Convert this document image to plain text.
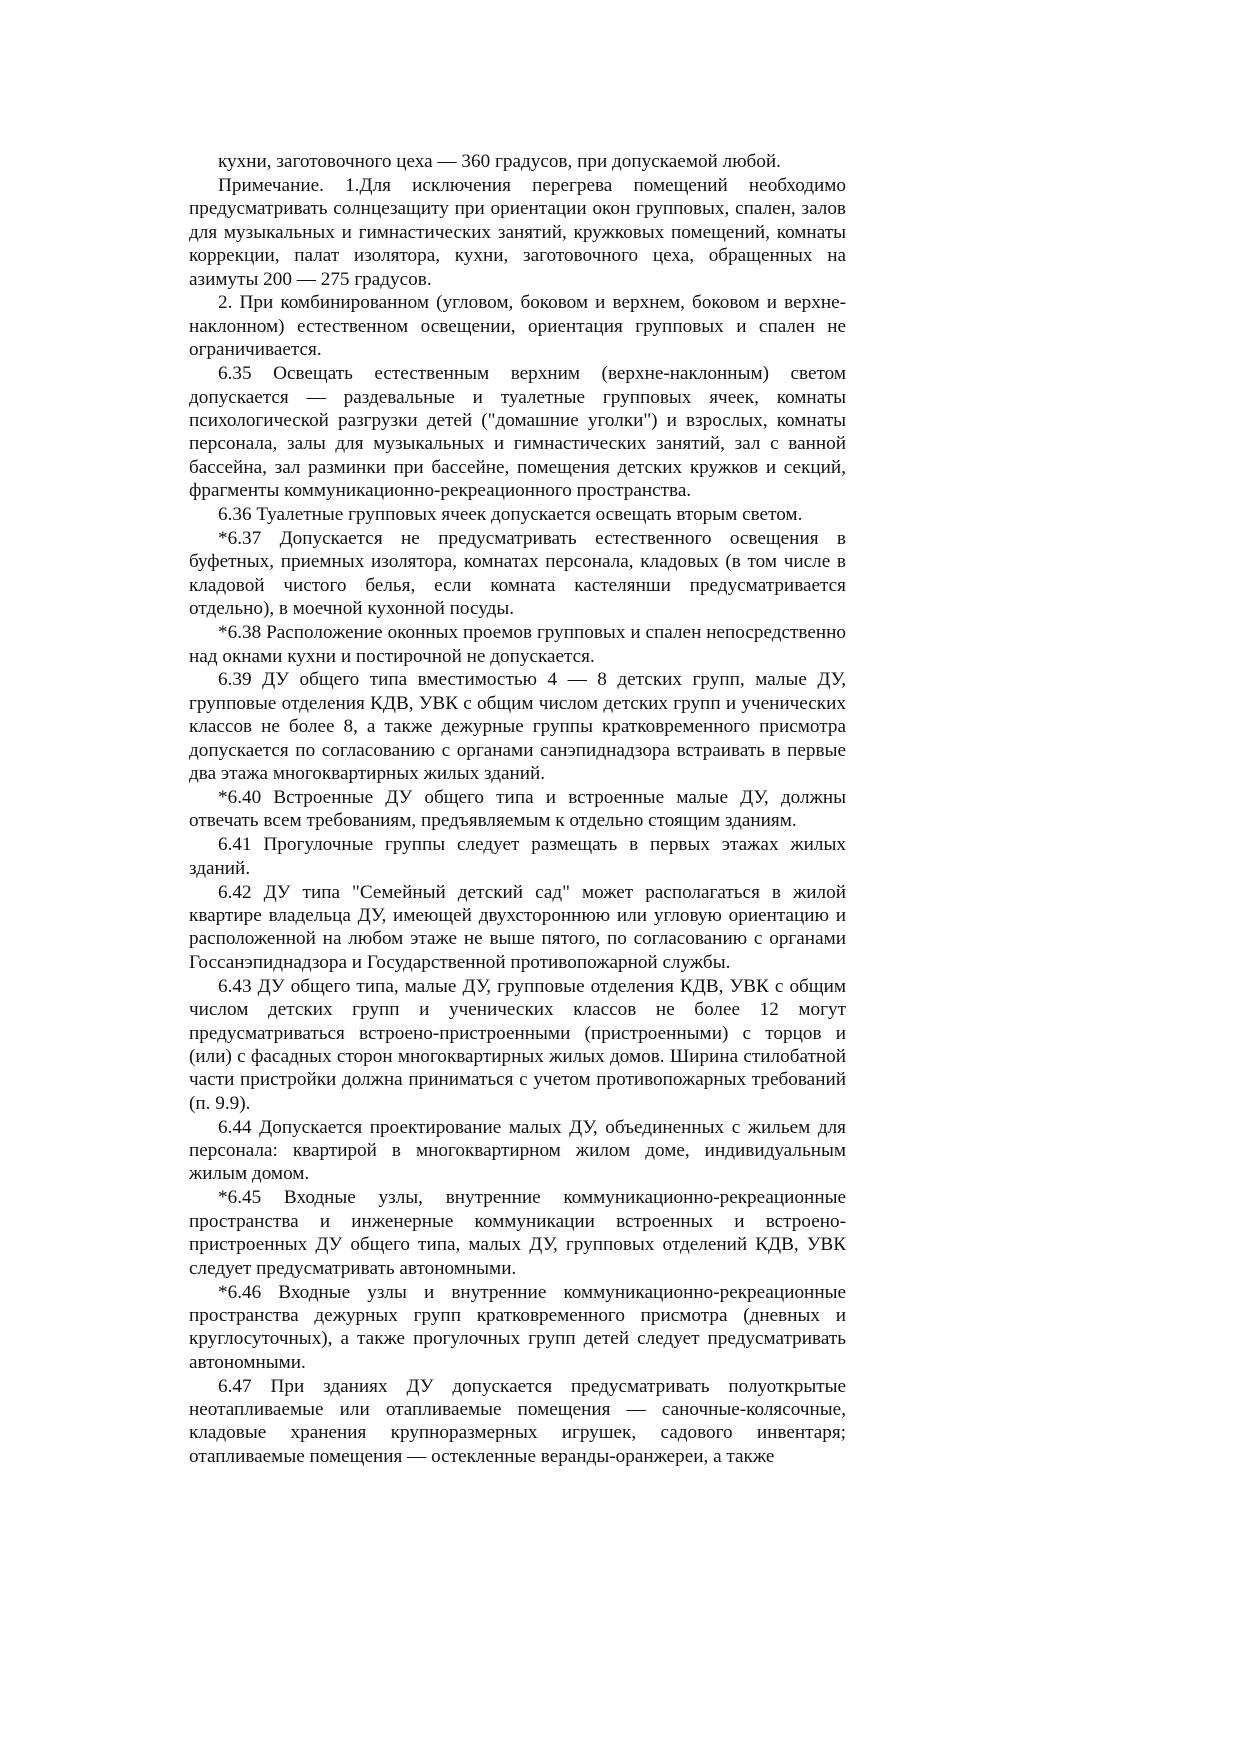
кухни, заготовочного цеха — 360 градусов, при допускаемой любой.

Примечание. 1.Для исключения перегрева помещений необходимо предусматривать солнцезащиту при ориентации окон групповых, спален, залов для музыкальных и гимнастических занятий, кружковых помещений, комнаты коррекции, палат изолятора, кухни, заготовочного цеха, обращенных на азимуты 200 — 275 градусов.

2. При комбинированном (угловом, боковом и верхнем, боковом и верхне-наклонном) естественном освещении, ориентация групповых и спален не ограничивается.

6.35 Освещать естественным верхним (верхне-наклонным) светом допускается — раздевальные и туалетные групповых ячеек, комнаты психологической разгрузки детей ("домашние уголки") и взрослых, комнаты персонала, залы для музыкальных и гимнастических занятий, зал с ванной бассейна, зал разминки при бассейне, помещения детских кружков и секций, фрагменты коммуникационно-рекреационного пространства.

6.36 Туалетные групповых ячеек допускается освещать вторым светом.

*6.37 Допускается не предусматривать естественного освещения в буфетных, приемных изолятора, комнатах персонала, кладовых (в том числе в кладовой чистого белья, если комната кастелянши предусматривается отдельно), в моечной кухонной посуды.

*6.38 Расположение оконных проемов групповых и спален непосредственно над окнами кухни и постирочной не допускается.

6.39 ДУ общего типа вместимостью 4 — 8 детских групп, малые ДУ, групповые отделения КДВ, УВК с общим числом детских групп и ученических классов не более 8, а также дежурные группы кратковременного присмотра допускается по согласованию с органами санэпиднадзора встраивать в первые два этажа многоквартирных жилых зданий.

*6.40 Встроенные ДУ общего типа и встроенные малые ДУ, должны отвечать всем требованиям, предъявляемым к отдельно стоящим зданиям.

6.41 Прогулочные группы следует размещать в первых этажах жилых зданий.

6.42 ДУ типа "Семейный детский сад" может располагаться в жилой квартире владельца ДУ, имеющей двухстороннюю или угловую ориентацию и расположенной на любом этаже не выше пятого, по согласованию с органами Госсанэпиднадзора и Государственной противопожарной службы.

6.43 ДУ общего типа, малые ДУ, групповые отделения КДВ, УВК с общим числом детских групп и ученических классов не более 12 могут предусматриваться встроено-пристроенными (пристроенными) с торцов и (или) с фасадных сторон многоквартирных жилых домов. Ширина стилобатной части пристройки должна приниматься с учетом противопожарных требований (п. 9.9).

6.44 Допускается проектирование малых ДУ, объединенных с жильем для персонала: квартирой в многоквартирном жилом доме, индивидуальным жилым домом.

*6.45 Входные узлы, внутренние коммуникационно-рекреационные пространства и инженерные коммуникации встроенных и встроено-пристроенных ДУ общего типа, малых ДУ, групповых отделений КДВ, УВК следует предусматривать автономными.

*6.46 Входные узлы и внутренние коммуникационно-рекреационные пространства дежурных групп кратковременного присмотра (дневных и круглосуточных), а также прогулочных групп детей следует предусматривать автономными.

6.47 При зданиях ДУ допускается предусматривать полуоткрытые неотапливаемые или отапливаемые помещения — саночные-колясочные, кладовые хранения крупноразмерных игрушек, садового инвентаря; отапливаемые помещения — остекленные веранды-оранжереи, а также
